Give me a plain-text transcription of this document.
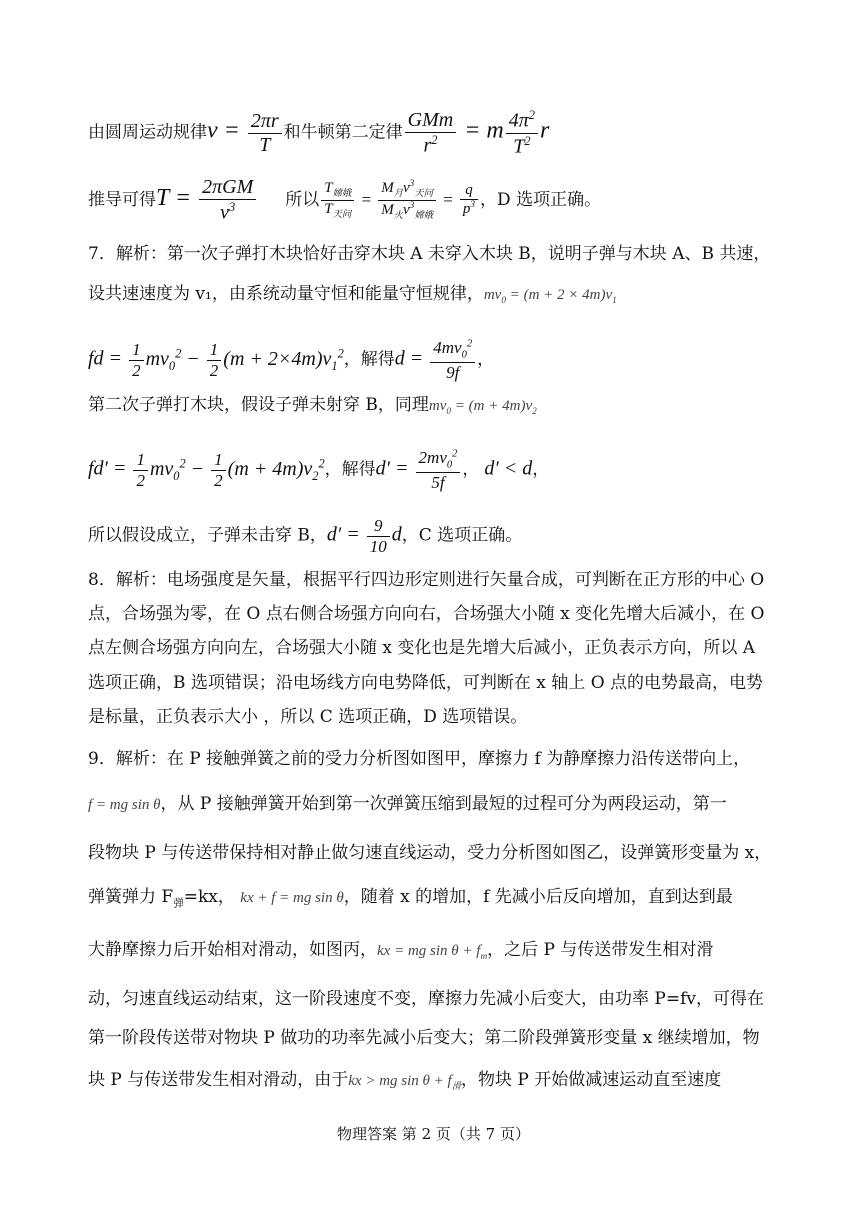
由圆周运动规律$v = \frac{2\pi r}{T}$ 和牛顿第二定律 $\frac{\text{GMm}}{r^2} = m \frac{4\pi^2}{T^2}$ r
推导可得$T = \frac{\text{2πGM}}{v^3}$ 所以 $\frac{T_{嫦娥}}{T_{天问}} = \frac{M_月v^3_{天问}}{M_火v^3_{嫦娥}} = \frac{q}{p^3}$ ，D 选项正确。
7．解析：第一次子弹打木块恰好击穿木块 A 未穿入木块 B，说明子弹与木块 A、B 共速，
设共速速度为 v₁，由系统动量守恒和能量守恒规律，$mv_0 = (m + 2 \times 4m)v_1$
fd = $\frac{1}{2} mv_0^2 - \frac{1}{2} (m + 2\times 4m)v_1^2$，解得$d = \frac{4mv_0^2}{9f}$ ，
第二次子弹打木块，假设子弹未射穿 B，同理$mv_0 = (m + 4m)v_2$
$fd' = \frac{1}{2} mv_0^2 - \frac{1}{2} (m + 4m)v_2^2$，解得$d' = \frac{2mv_0^2}{5f}$ ， d′ < d，
所以假设成立，子弹未击穿 B，$d' = \frac{9}{10}$ d，C 选项正确。
8．解析：电场强度是矢量，根据平行四边形定则进行矢量合成，可判断在正方形的中心 O
点，合场强为零，在 O 点右侧合场强方向向右，合场强大小随 x 变化先增大后减小，在 O
点左侧合场强方向向左，合场强大小随 x 变化也是先增大后减小，正负表示方向，所以 A
选项正确，B 选项错误；沿电场线方向电势降低，可判断在 x 轴上 O 点的电势最高，电势
是标量，正负表示大小 ，所以 C 选项正确，D 选项错误。
9．解析：在 P 接触弹簧之前的受力分析图如图甲，摩擦力 f 为静摩擦力沿传送带向上，
f = mg sin θ，从 P 接触弹簧开始到第一次弹簧压缩到最短的过程可分为两段运动，第一
段物块 P 与传送带保持相对静止做匀速直线运动，受力分析图如图乙，设弹簧形变量为 x，
弹簧弹力 $F_弹=kx$， kx + f = mg sin θ，随着 x 的增加，f 先减小后反向增加，直到达到最
大静摩擦力后开始相对滑动，如图丙，kx = mg $\sin \theta + f_m$，之后 P 与传送带发生相对滑
动，匀速直线运动结束，这一阶段速度不变，摩擦力先减小后变大，由功率 P=fv，可得在
第一阶段传送带对物块 P 做功的功率先减小后变大；第二阶段弹簧形变量 x 继续增加，物
块 P 与传送带发生相对滑动，由于kx > mg $\sin \theta + f_滑$，物块 P 开始做减速运动直至速度
物理答案 第 2 页（共 7 页）
